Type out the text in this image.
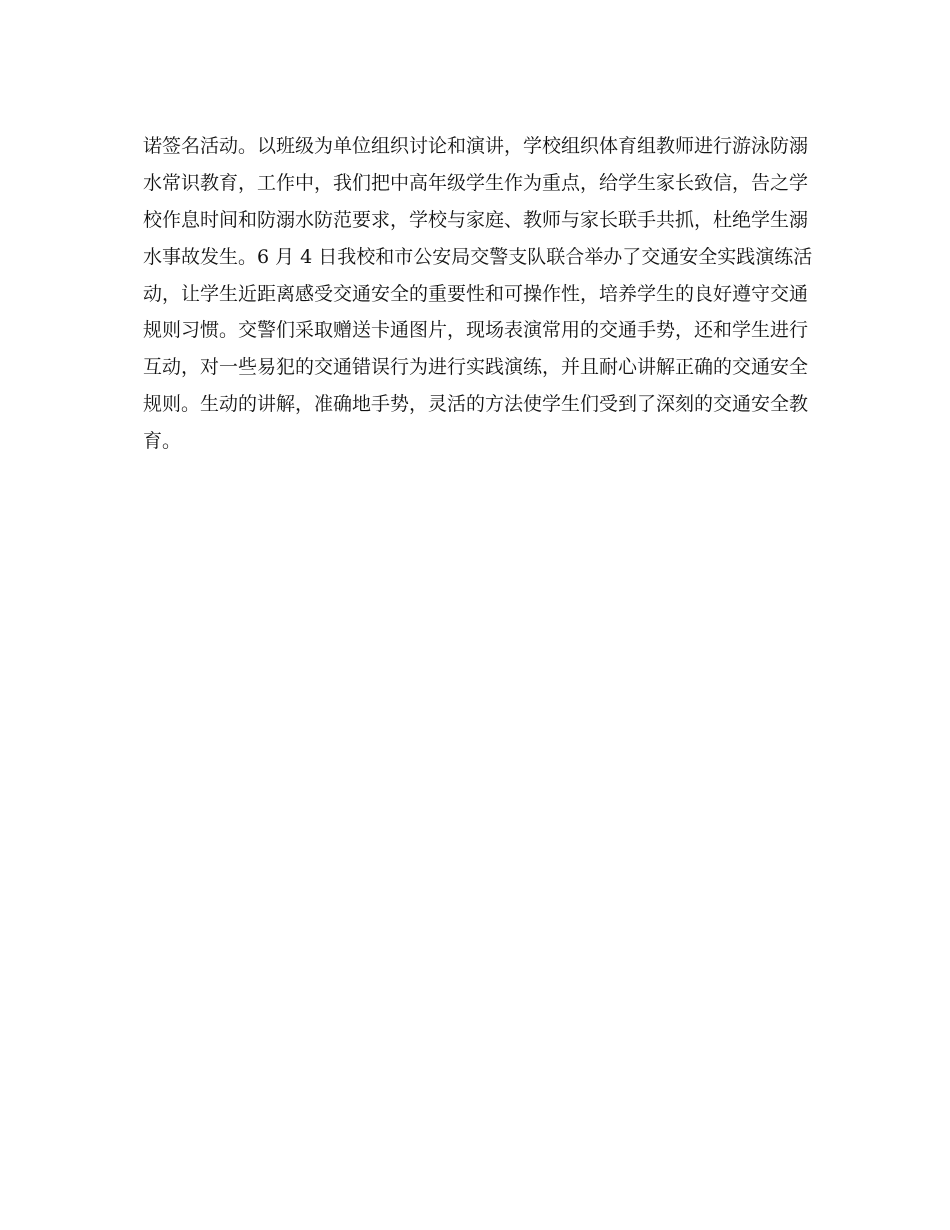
诺签名活动。以班级为单位组织讨论和演讲，学校组织体育组教师进行游泳防溺
水常识教育，工作中，我们把中高年级学生作为重点，给学生家长致信，告之学
校作息时间和防溺水防范要求，学校与家庭、教师与家长联手共抓，杜绝学生溺
水事故发生。6 月 4 日我校和市公安局交警支队联合举办了交通安全实践演练活
动，让学生近距离感受交通安全的重要性和可操作性，培养学生的良好遵守交通
规则习惯。交警们采取赠送卡通图片，现场表演常用的交通手势，还和学生进行
互动，对一些易犯的交通错误行为进行实践演练，并且耐心讲解正确的交通安全
规则。生动的讲解，准确地手势，灵活的方法使学生们受到了深刻的交通安全教
育。
